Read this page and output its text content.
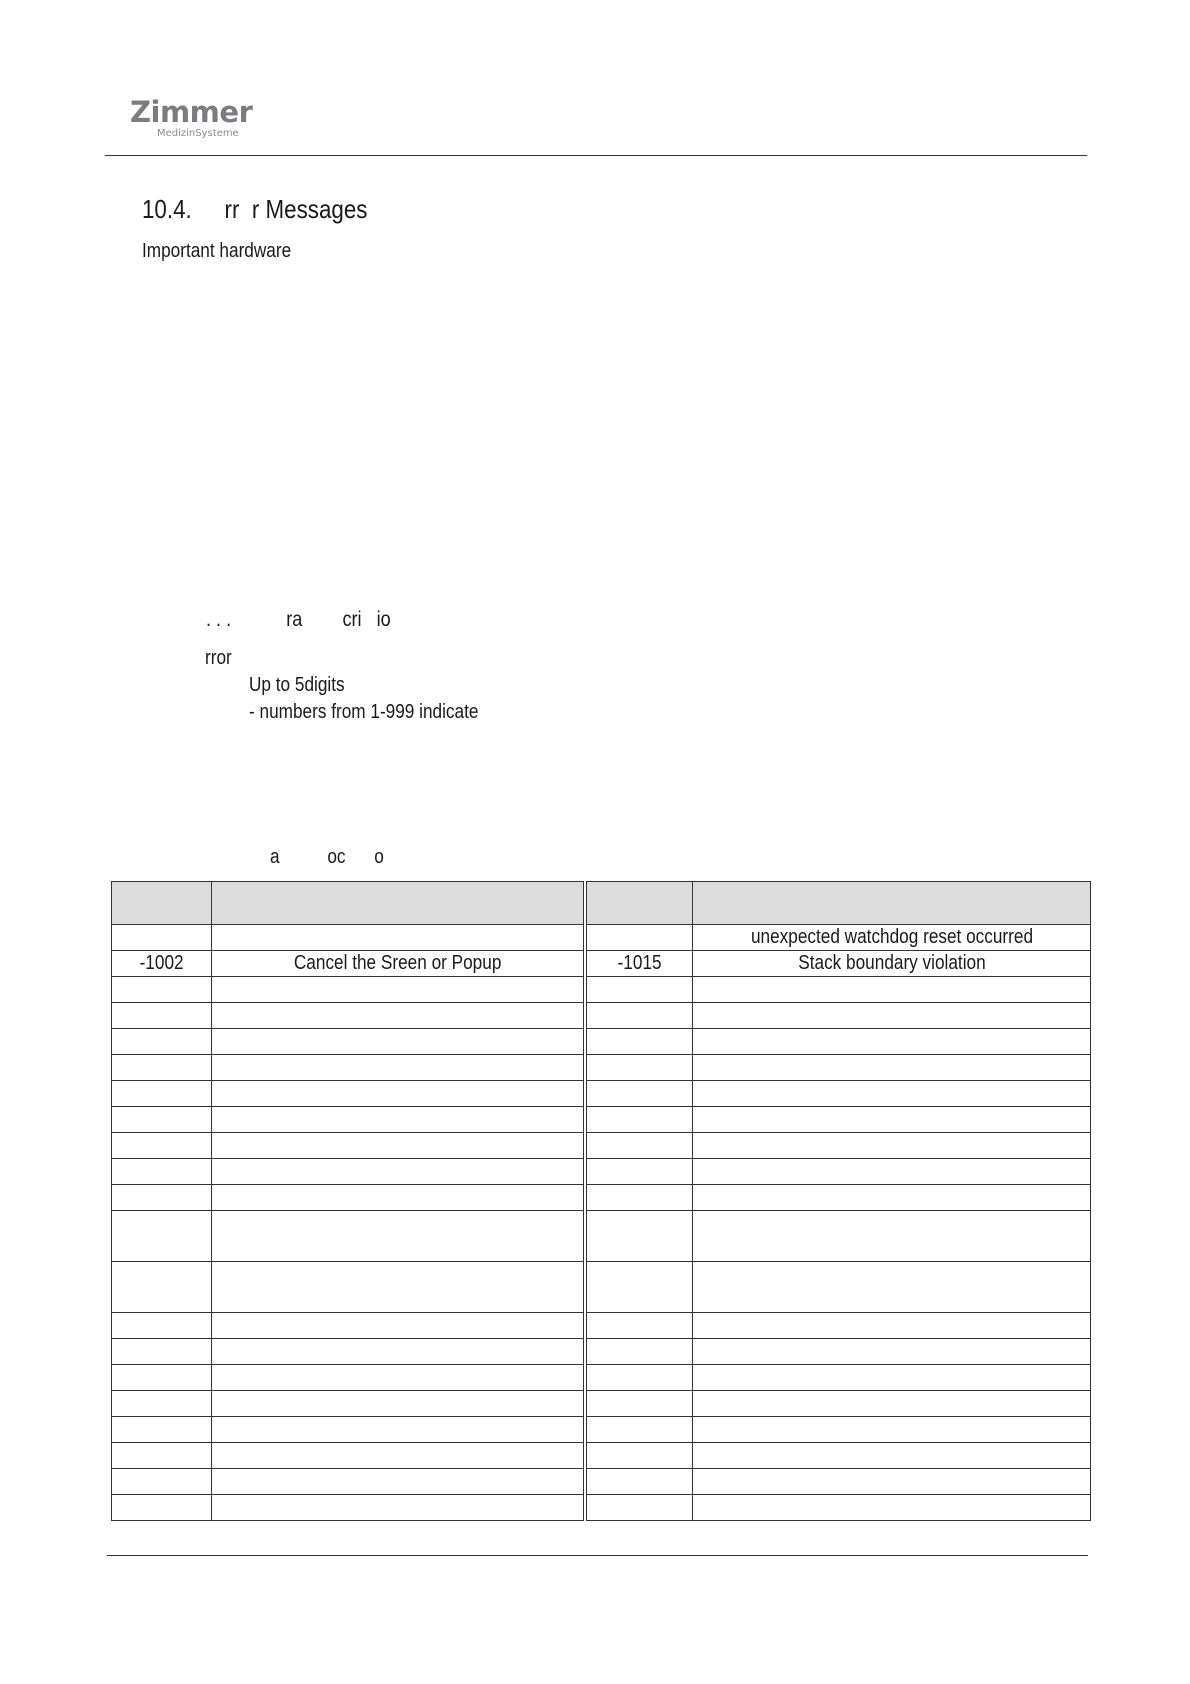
Zimmer
MedizinSysteme
10.4. rr  r Messages
Important hardware
. . .           ra        cri   io
rror
Up to 5digits
- numbers from 1-999 indicate
a          oc      o

			unexpected watchdog reset occurred
-1002	Cancel the Sreen or Popup	-1015	Stack boundary violation
